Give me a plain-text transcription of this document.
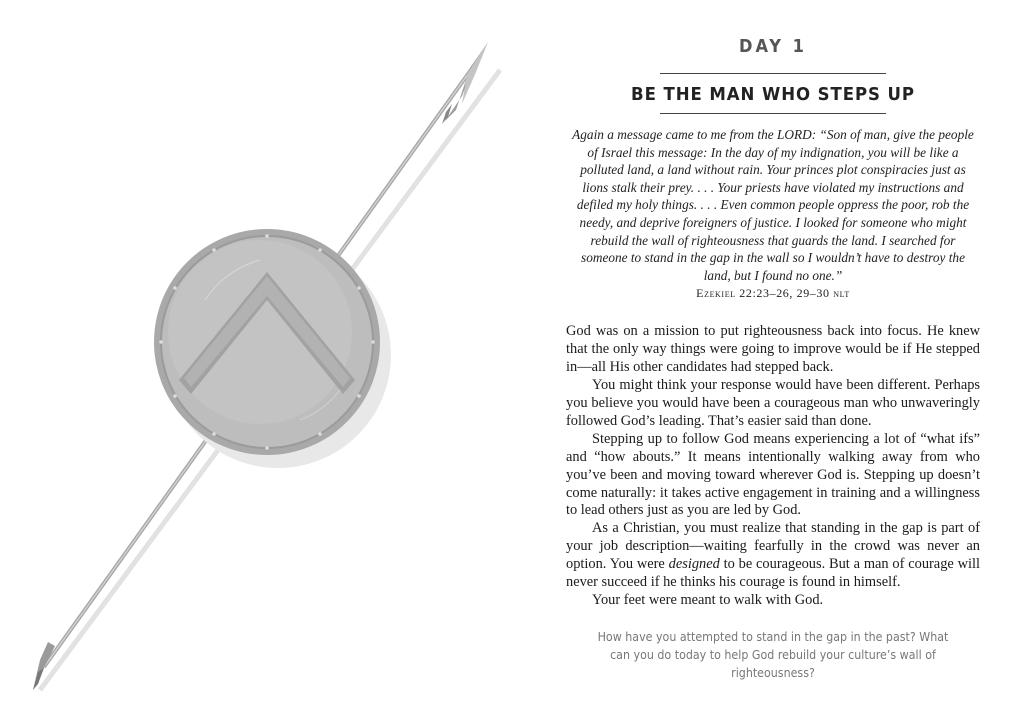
DAY 1
BE THE MAN WHO STEPS UP

Again a message came to me from the LORD: “Son of man, give the people of Israel this message: In the day of my indignation, you will be like a polluted land, a land without rain. Your princes plot conspiracies just as lions stalk their prey. . . . Your priests have violated my instructions and defiled my holy things. . . . Even common people oppress the poor, rob the needy, and deprive foreigners of justice. I looked for someone who might rebuild the wall of righteousness that guards the land. I searched for someone to stand in the gap in the wall so I wouldn’t have to destroy the land, but I found no one.”

Ezekiel 22:23–26, 29–30 nlt

God was on a mission to put righteousness back into focus. He knew that the only way things were going to improve would be if He stepped in—all His other candidates had stepped back.

You might think your response would have been different. Perhaps you believe you would have been a courageous man who unwaveringly followed God’s leading. That’s easier said than done.

Stepping up to follow God means experiencing a lot of “what ifs” and “how abouts.” It means intentionally walking away from who you’ve been and moving toward wherever God is. Stepping up doesn’t come naturally: it takes active engagement in training and a willingness to lead others just as you are led by God.

As a Christian, you must realize that standing in the gap is part of your job description—waiting fearfully in the crowd was never an option. You were designed to be courageous. But a man of courage will never succeed if he thinks his courage is found in himself.

Your feet were meant to walk with God.

How have you attempted to stand in the gap in the past? What can you do today to help God rebuild your culture’s wall of righteousness?
